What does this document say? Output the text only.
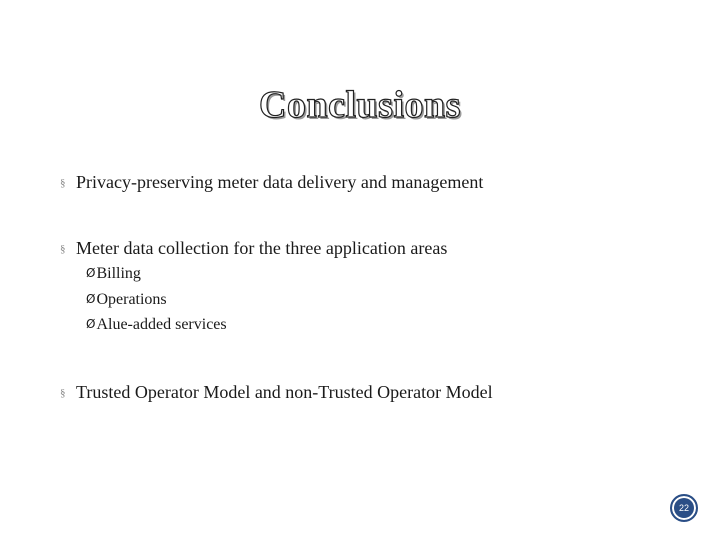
Conclusions
§ Privacy-preserving meter data delivery and management
§ Meter data collection for the three application areas
ØBilling
ØOperations
ØAlue-added services
§ Trusted Operator Model and non-Trusted Operator Model
22
